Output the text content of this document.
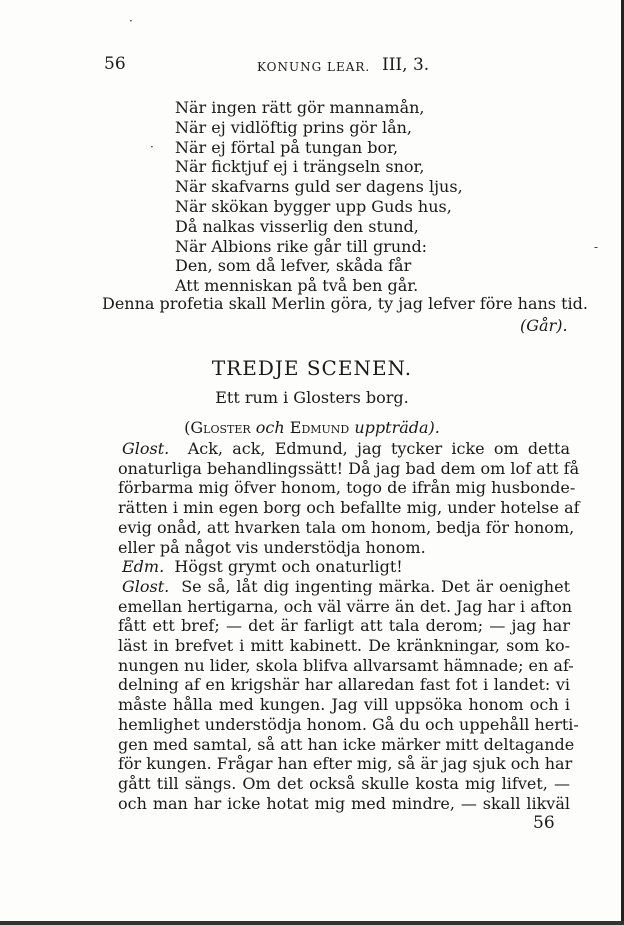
·
·
-
56	KONUNG LEAR. III, 3.
När ingen rätt gör mannamån,
När ej vidlöftig prins gör lån,
När ej förtal på tungan bor,
När ficktjuf ej i trängseln snor,
När skafvarns guld ser dagens ljus,
När skökan bygger upp Guds hus,
Då nalkas visserlig den stund,
När Albions rike går till grund:
Den, som då lefver, skåda får
Att menniskan på två ben går.
Denna profetia skall Merlin göra, ty jag lefver före hans tid.
(Går).
TREDJE SCENEN.
Ett rum i Glosters borg.
(Gloster och Edmund uppträda).
Glost. Ack, ack, Edmund, jag tycker icke om detta
onaturliga behandlingssätt! Då jag bad dem om lof att få
förbarma mig öfver honom, togo de ifrån mig husbonde-
rätten i min egen borg och befallte mig, under hotelse af
evig onåd, att hvarken tala om honom, bedja för honom,
eller på något vis understödja honom.
Edm. Högst grymt och onaturligt!
Glost. Se så, låt dig ingenting märka. Det är oenighet
emellan hertigarna, och väl värre än det. Jag har i afton
fått ett bref; — det är farligt att tala derom; — jag har
läst in brefvet i mitt kabinett. De kränkningar, som ko-
nungen nu lider, skola blifva allvarsamt hämnade; en af-
delning af en krigshär har allaredan fast fot i landet: vi
måste hålla med kungen. Jag vill uppsöka honom och i
hemlighet understödja honom. Gå du och uppehåll herti-
gen med samtal, så att han icke märker mitt deltagande
för kungen. Frågar han efter mig, så är jag sjuk och har
gått till sängs. Om det också skulle kosta mig lifvet, —
och man har icke hotat mig med mindre, — skall likväl
56
